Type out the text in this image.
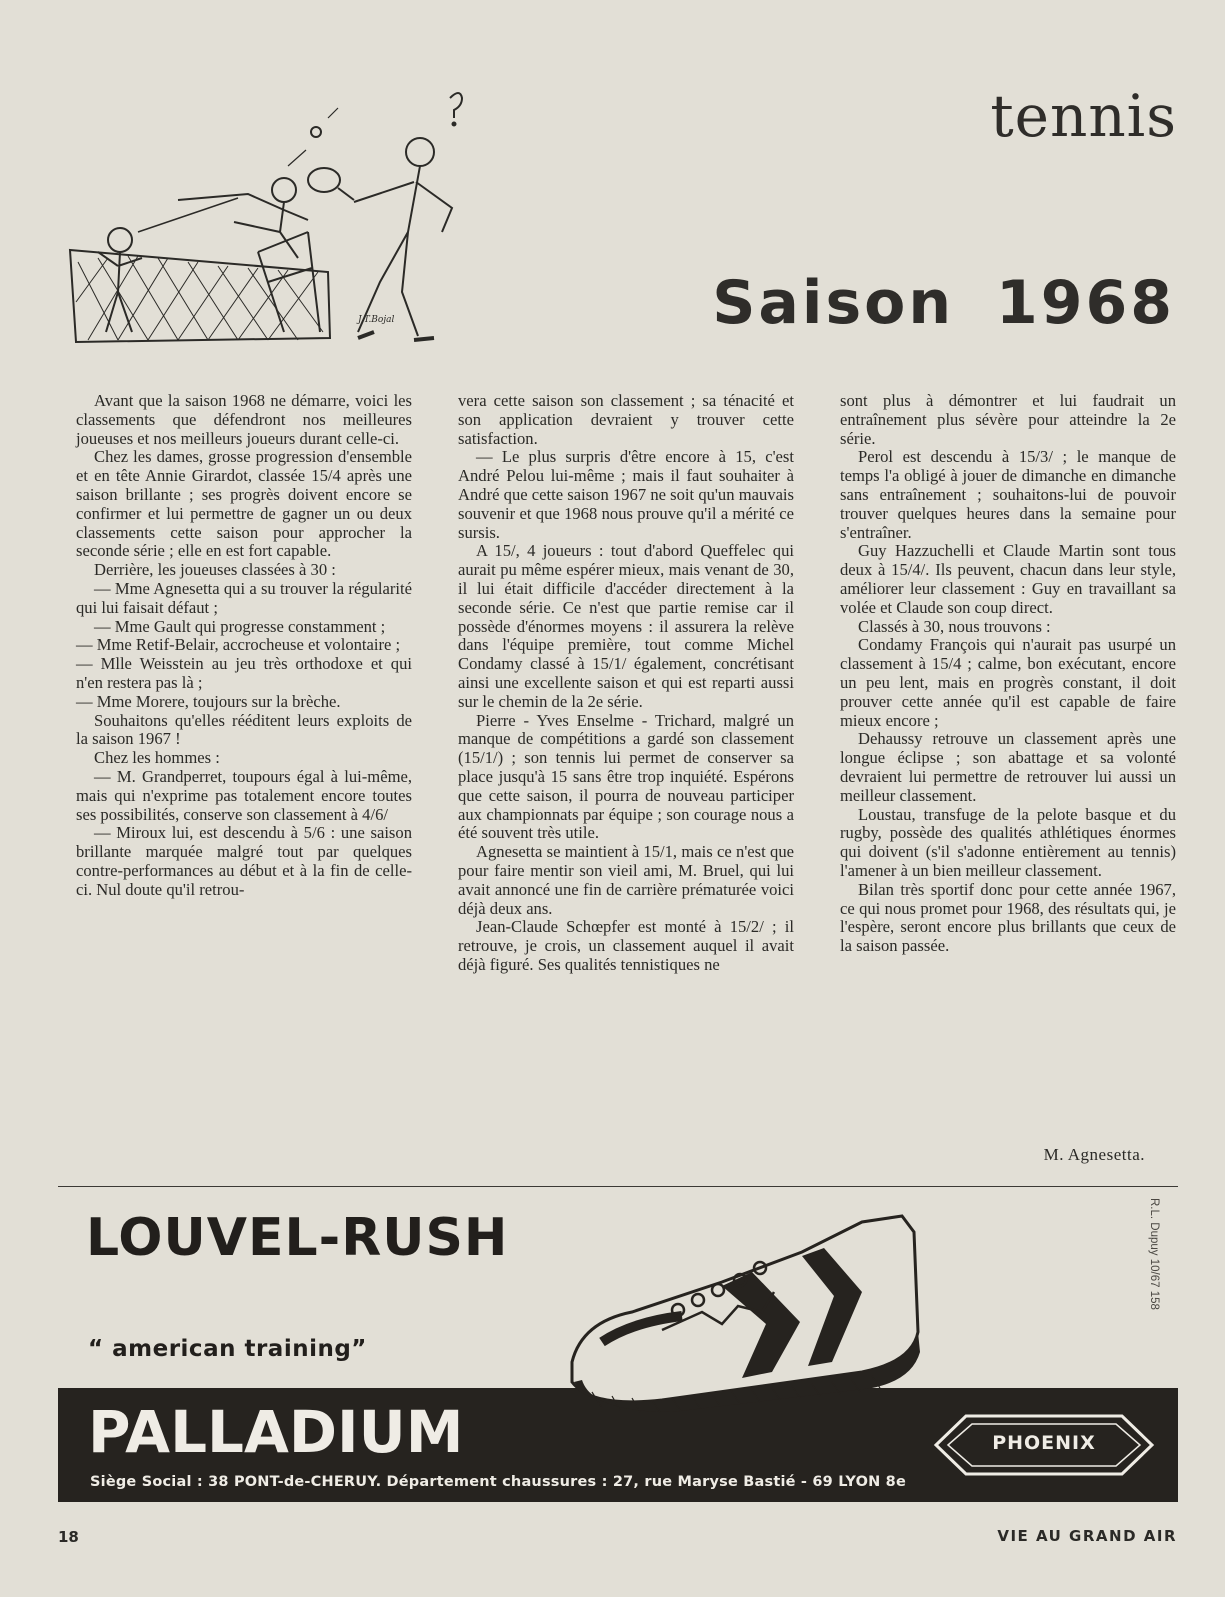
tennis
Saison 1968
J.T.Bojal

Avant que la saison 1968 ne démarre, voici les classements que défendront nos meilleures joueuses et nos meilleurs joueurs durant celle-ci.

Chez les dames, grosse progression d'ensemble et en tête Annie Girardot, classée 15/4 après une saison brillante ; ses progrès doivent encore se confirmer et lui permettre de gagner un ou deux classements cette saison pour approcher la seconde série ; elle en est fort capable.

Derrière, les joueuses classées à 30 :

— Mme Agnesetta qui a su trouver la régularité qui lui faisait défaut ;

— Mme Gault qui progresse constamment ;

— Mme Retif-Belair, accrocheuse et volontaire ;

— Mlle Weisstein au jeu très orthodoxe et qui n'en restera pas là ;

— Mme Morere, toujours sur la brèche.

Souhaitons qu'elles rééditent leurs exploits de la saison 1967 !

Chez les hommes :

— M. Grandperret, toupours égal à lui-même, mais qui n'exprime pas totalement encore toutes ses possibilités, conserve son classement à 4/6/

— Miroux lui, est descendu à 5/6 : une saison brillante marquée malgré tout par quelques contre-performances au début et à la fin de celle-ci. Nul doute qu'il retrou-

vera cette saison son classement ; sa ténacité et son application devraient y trouver cette satisfaction.

— Le plus surpris d'être encore à 15, c'est André Pelou lui-même ; mais il faut souhaiter à André que cette saison 1967 ne soit qu'un mauvais souvenir et que 1968 nous prouve qu'il a mérité ce sursis.

A 15/, 4 joueurs : tout d'abord Queffelec qui aurait pu même espérer mieux, mais venant de 30, il lui était difficile d'accéder directement à la seconde série. Ce n'est que partie remise car il possède d'énormes moyens : il assurera la relève dans l'équipe première, tout comme Michel Condamy classé à 15/1/ également, concrétisant ainsi une excellente saison et qui est reparti aussi sur le chemin de la 2e série.

Pierre - Yves Enselme - Trichard, malgré un manque de compétitions a gardé son classement (15/1/) ; son tennis lui permet de conserver sa place jusqu'à 15 sans être trop inquiété. Espérons que cette saison, il pourra de nouveau participer aux championnats par équipe ; son courage nous a été souvent très utile.

Agnesetta se maintient à 15/1, mais ce n'est que pour faire mentir son vieil ami, M. Bruel, qui lui avait annoncé une fin de carrière prématurée voici déjà deux ans.

Jean-Claude Schœpfer est monté à 15/2/ ; il retrouve, je crois, un classement auquel il avait déjà figuré. Ses qualités tennistiques ne

sont plus à démontrer et lui faudrait un entraînement plus sévère pour atteindre la 2e série.

Perol est descendu à 15/3/ ; le manque de temps l'a obligé à jouer de dimanche en dimanche sans entraînement ; souhaitons-lui de pouvoir trouver quelques heures dans la semaine pour s'entraîner.

Guy Hazzuchelli et Claude Martin sont tous deux à 15/4/. Ils peuvent, chacun dans leur style, améliorer leur classement : Guy en travaillant sa volée et Claude son coup direct.

Classés à 30, nous trouvons :

Condamy François qui n'aurait pas usurpé un classement à 15/4 ; calme, bon exécutant, encore un peu lent, mais en progrès constant, il doit prouver cette année qu'il est capable de faire mieux encore ;

Dehaussy retrouve un classement après une longue éclipse ; son abattage et sa volonté devraient lui permettre de retrouver lui aussi un meilleur classement.

Loustau, transfuge de la pelote basque et du rugby, possède des qualités athlétiques énormes qui doivent (s'il s'adonne entièrement au tennis) l'amener à un bien meilleur classement.

Bilan très sportif donc pour cette année 1967, ce qui nous promet pour 1968, des résultats qui, je l'espère, seront encore plus brillants que ceux de la saison passée.

M. Agnesetta.
LOUVEL-RUSH
“ american training”
R.L. Dupuy 10/67 158
PALLADIUM
Siège Social : 38 PONT-de-CHERUY. Département chaussures : 27, rue Maryse Bastié - 69 LYON 8e
PHOENIX
18	VIE AU GRAND AIR
